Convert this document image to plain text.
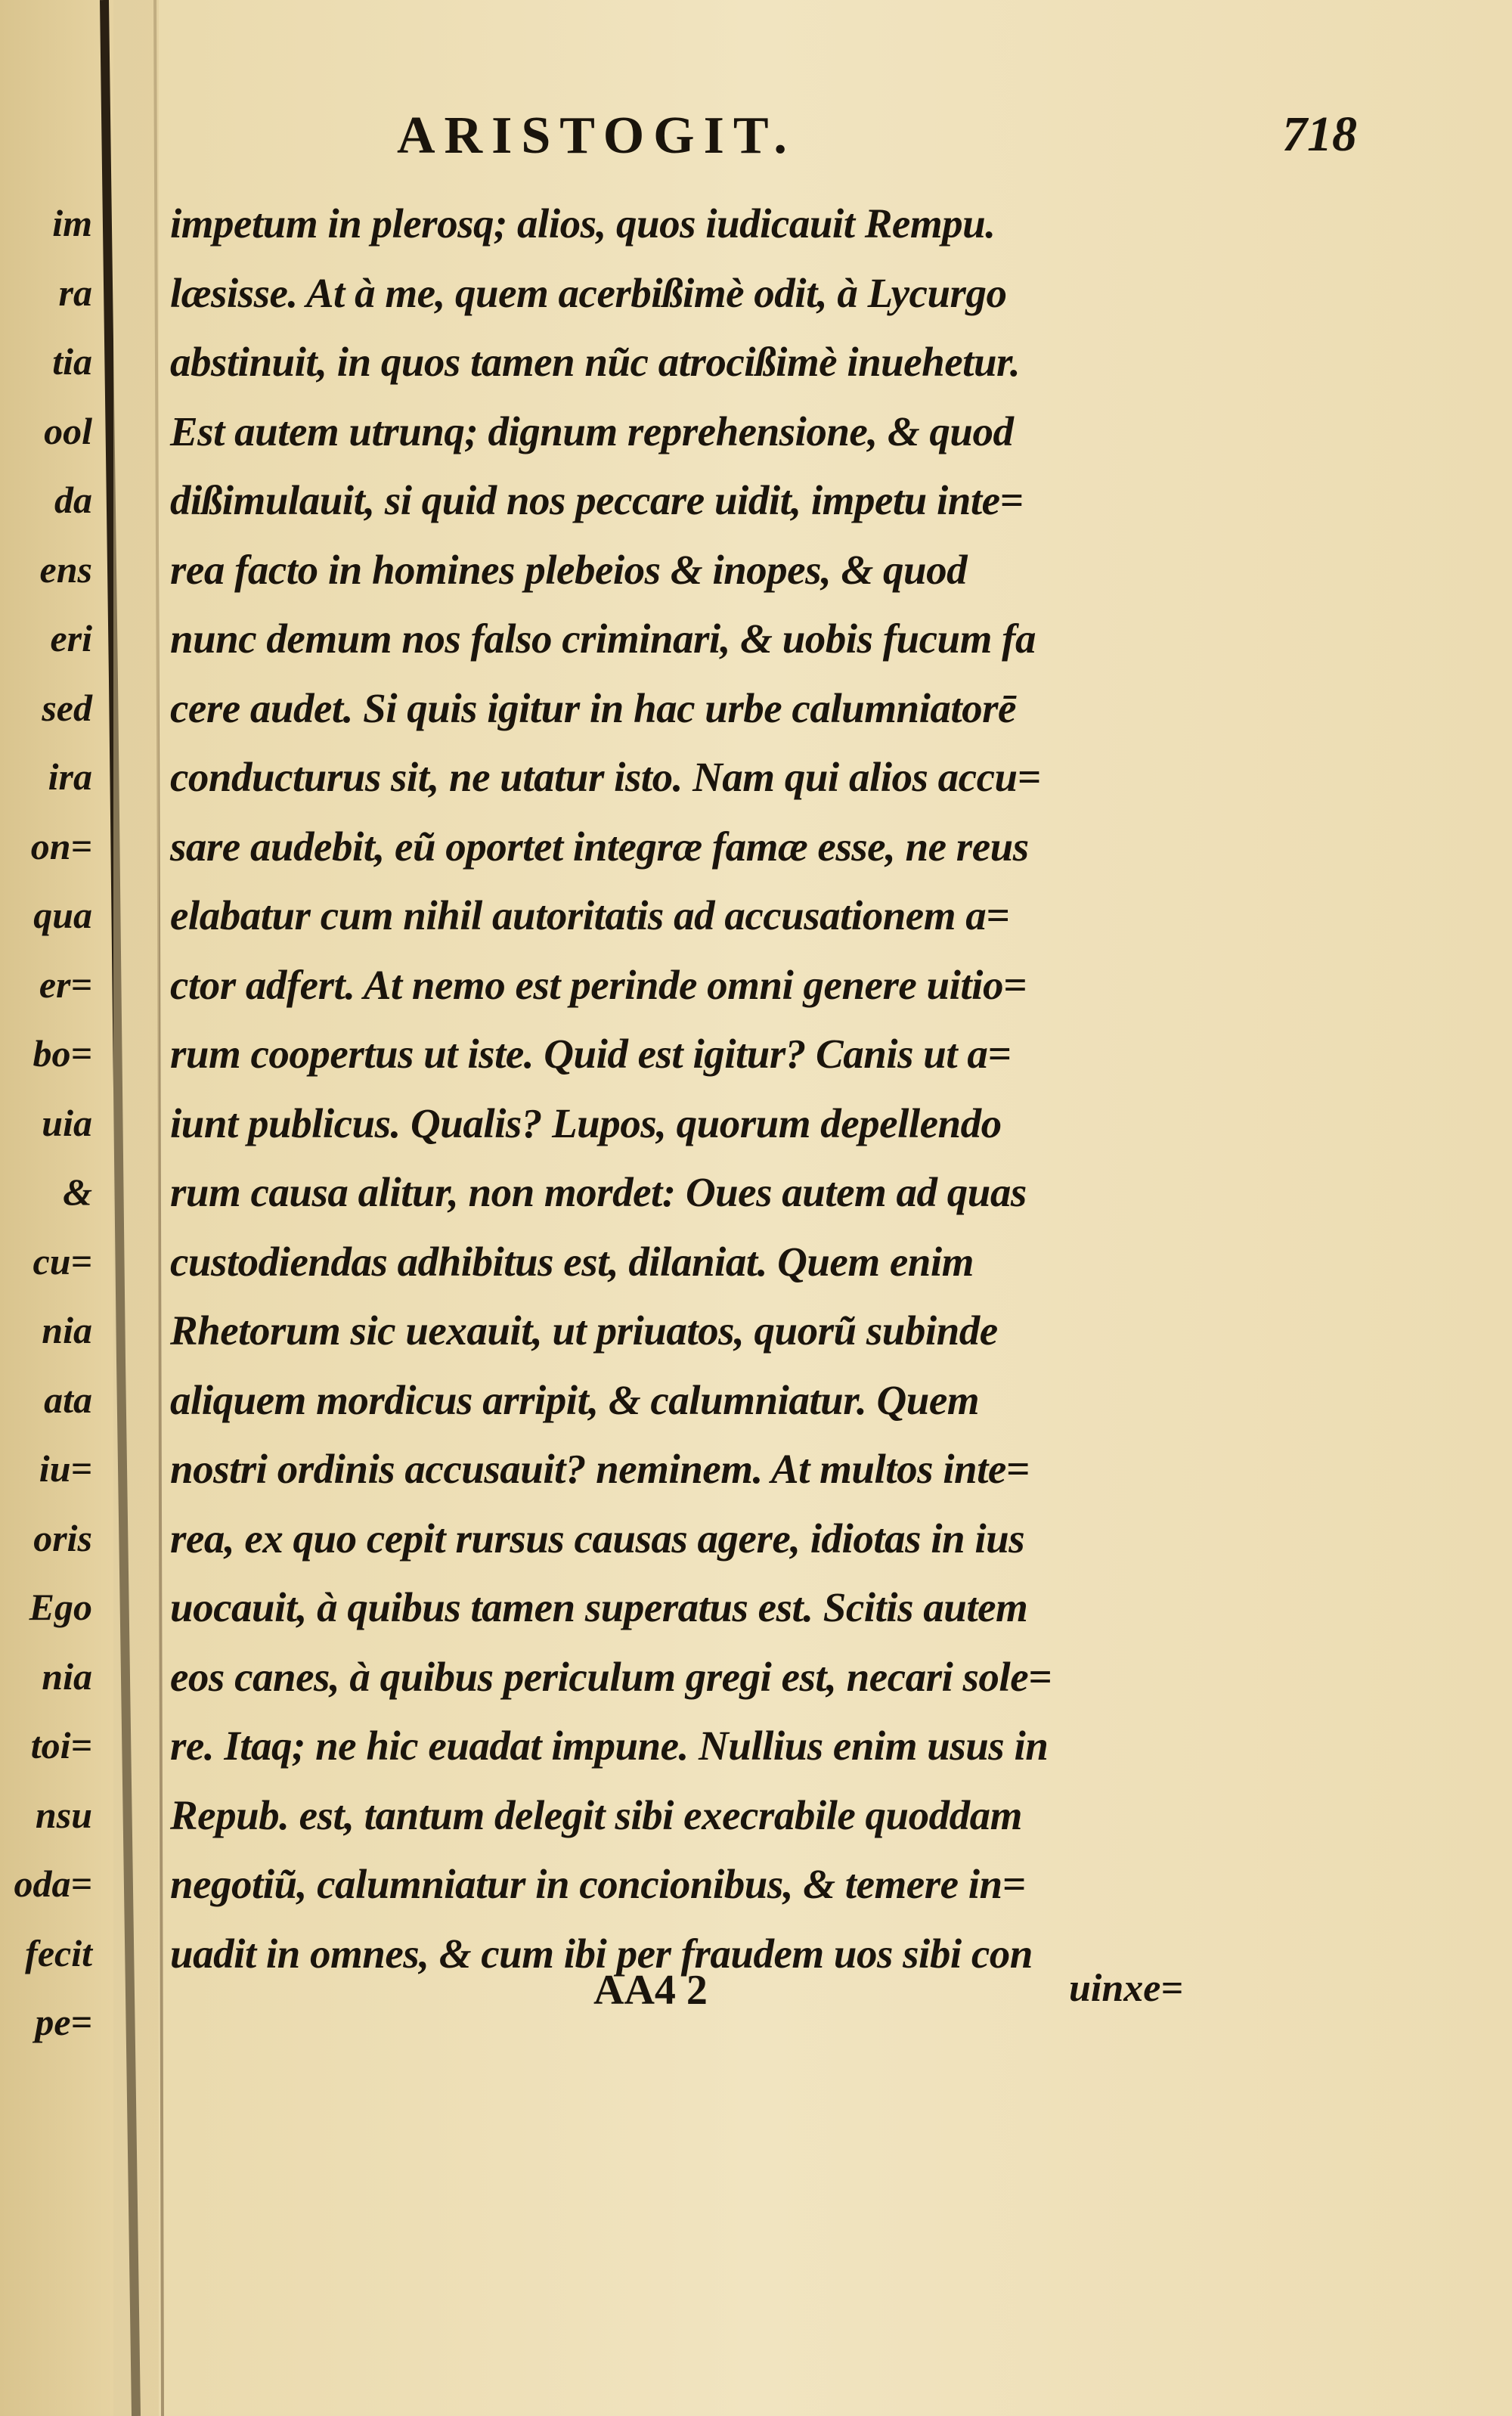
im
ra
tia
ool
da
ens
eri
sed
ira
on=
qua
er=
bo=
uia
&
cu=
nia
ata
iu=
oris
Ego
nia
toi=
nsu
oda=
fecit
pe=
ARISTOGIT.	718
impetum in plerosq; alios, quos iudicauit Rempu.
læsisse. At à me, quem acerbißimè odit, à Lycurgo
abstinuit, in quos tamen nũc atrocißimè inuehetur.
Est autem utrunq; dignum reprehensione, & quod
dißimulauit, si quid nos peccare uidit, impetu inte=
rea facto in homines plebeios & inopes, & quod
nunc demum nos falso criminari, & uobis fucum fa
cere audet. Si quis igitur in hac urbe calumniatorē
conducturus sit, ne utatur isto. Nam qui alios accu=
sare audebit, eũ oportet integræ famæ esse, ne reus
elabatur cum nihil autoritatis ad accusationem a=
ctor adfert. At nemo est perinde omni genere uitio=
rum coopertus ut iste. Quid est igitur? Canis ut a=
iunt publicus. Qualis? Lupos, quorum depellendo
rum causa alitur, non mordet: Oues autem ad quas
custodiendas adhibitus est, dilaniat. Quem enim
Rhetorum sic uexauit, ut priuatos, quorũ subinde
aliquem mordicus arripit, & calumniatur. Quem
nostri ordinis accusauit? neminem. At multos inte=
rea, ex quo cepit rursus causas agere, idiotas in ius
uocauit, à quibus tamen superatus est. Scitis autem
eos canes, à quibus periculum gregi est, necari sole=
re. Itaq; ne hic euadat impune. Nullius enim usus in
Repub. est, tantum delegit sibi execrabile quoddam
negotiũ, calumniatur in concionibus, & temere in=
uadit in omnes, & cum ibi per fraudem uos sibi con
AA4 2	uinxe=
